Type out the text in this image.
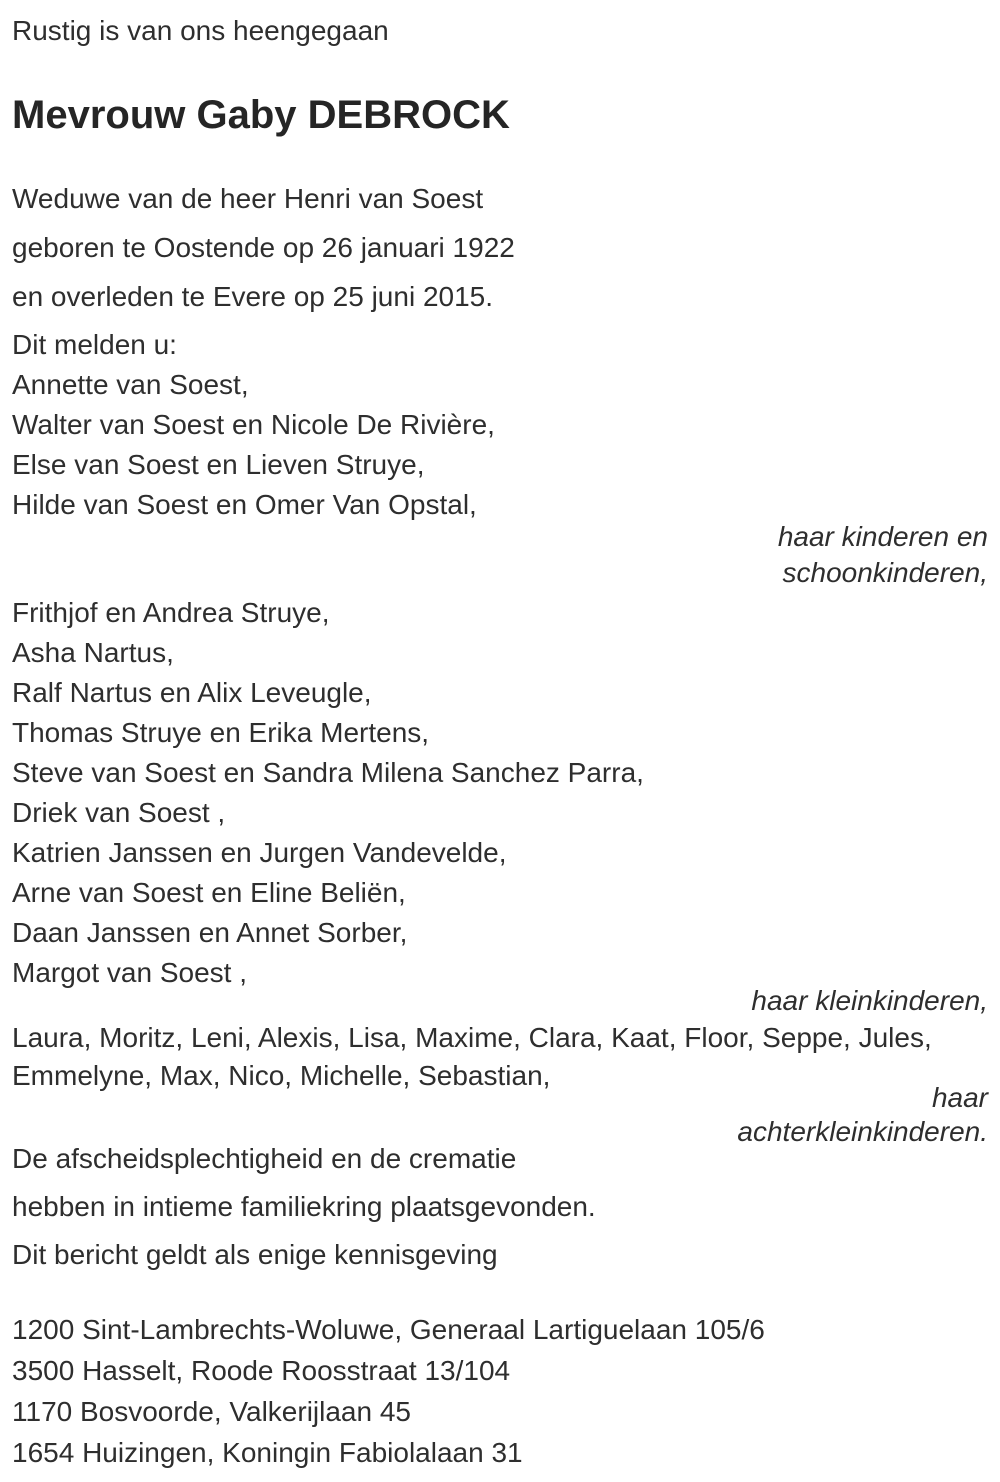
Rustig is van ons heengegaan

Mevrouw Gaby DEBROCK

Weduwe van de heer Henri van Soest

geboren te Oostende op 26 januari 1922

en overleden te Evere op 25 juni 2015.

Dit melden u:

Annette van Soest,
Walter van Soest en Nicole De Rivière,
Else van Soest en Lieven Struye,
Hilde van Soest en Omer Van Opstal,
haar kinderen en
schoonkinderen,
Frithjof en Andrea Struye,
Asha Nartus,
Ralf Nartus en Alix Leveugle,
Thomas Struye en Erika Mertens,
Steve van Soest en Sandra Milena Sanchez Parra,
Driek van Soest ,
Katrien Janssen en Jurgen Vandevelde,
Arne van Soest en Eline Beliën,
Daan Janssen en Annet Sorber,
Margot van Soest ,
haar kleinkinderen,
Laura, Moritz, Leni, Alexis, Lisa, Maxime, Clara, Kaat, Floor, Seppe, Jules,
Emmelyne, Max, Nico, Michelle, Sebastian,
haar
achterkleinkinderen.

De afscheidsplechtigheid en de crematie

hebben in intieme familiekring plaatsgevonden.

Dit bericht geldt als enige kennisgeving

1200 Sint-Lambrechts-Woluwe, Generaal Lartiguelaan 105/6
3500 Hasselt, Roode Roosstraat 13/104
1170 Bosvoorde, Valkerijlaan 45
1654 Huizingen, Koningin Fabiolalaan 31
